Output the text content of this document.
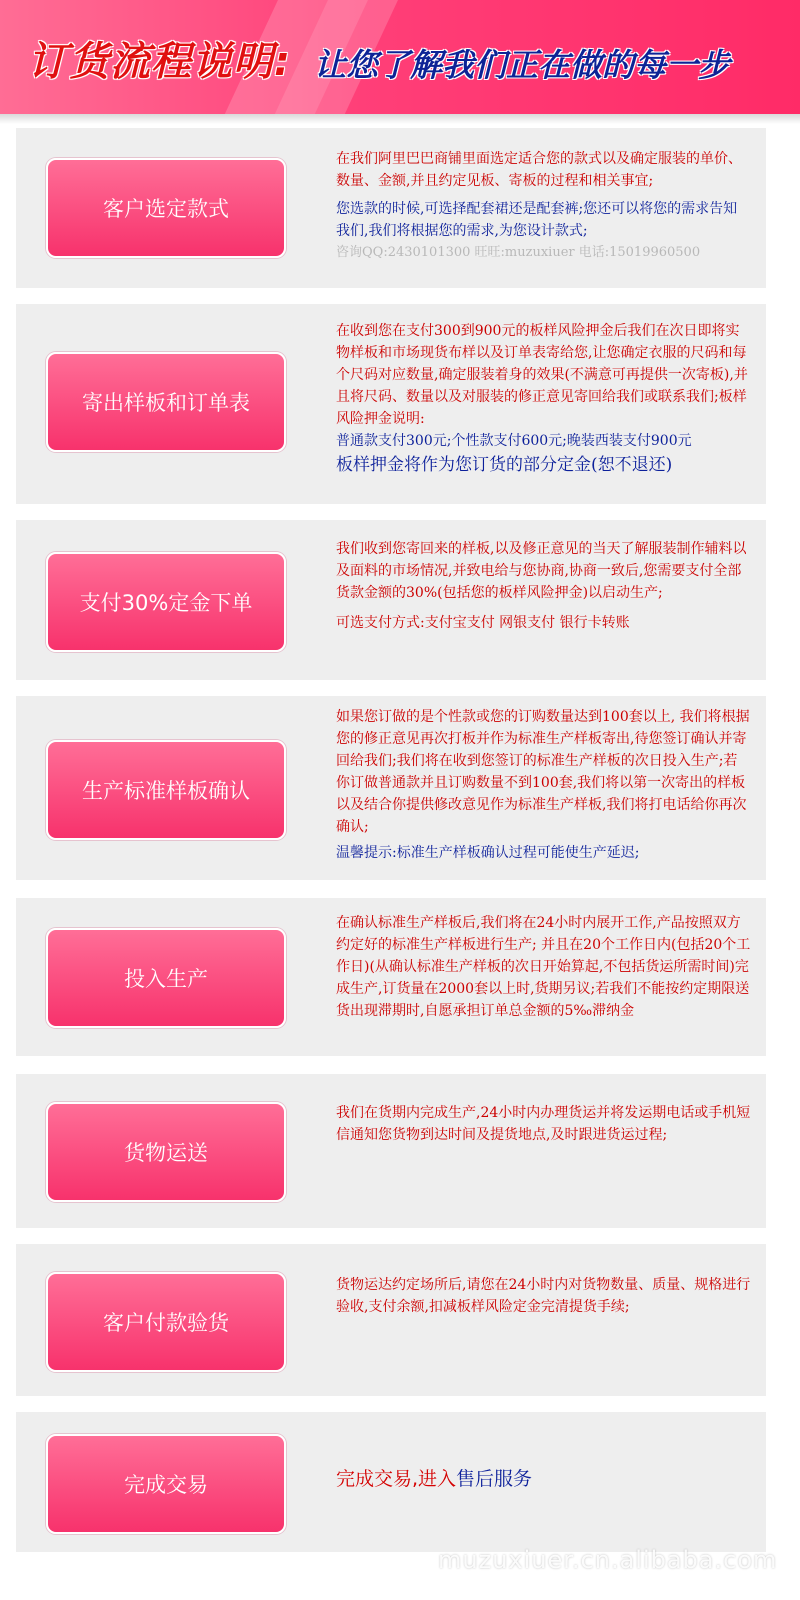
订货流程说明: 让您了解我们正在做的每一步
客户选定款式

在我们阿里巴巴商铺里面选定适合您的款式以及确定服装的单价、数量、金额,并且约定见板、寄板的过程和相关事宜;

您选款的时候,可选择配套裙还是配套裤;您还可以将您的需求告知我们,我们将根据您的需求,为您设计款式;

咨询QQ:2430101300 旺旺:muzuxiuer 电话:15019960500

寄出样板和订单表

在收到您在支付300到900元的板样风险押金后我们在次日即将实物样板和市场现货布样以及订单表寄给您,让您确定衣服的尺码和每个尺码对应数量,确定服装着身的效果(不满意可再提供一次寄板),并且将尺码、数量以及对服装的修正意见寄回给我们或联系我们;板样风险押金说明:

普通款支付300元;个性款支付600元;晚装西装支付900元

板样押金将作为您订货的部分定金(恕不退还)

支付30%定金下单

我们收到您寄回来的样板,以及修正意见的当天了解服装制作辅料以及面料的市场情况,并致电给与您协商,协商一致后,您需要支付全部货款金额的30%(包括您的板样风险押金)以启动生产;

可选支付方式:支付宝支付 网银支付 银行卡转账

生产标准样板确认

如果您订做的是个性款或您的订购数量达到100套以上, 我们将根据您的修正意见再次打板并作为标准生产样板寄出,待您签订确认并寄回给我们;我们将在收到您签订的标准生产样板的次日投入生产;若你订做普通款并且订购数量不到100套,我们将以第一次寄出的样板以及结合你提供修改意见作为标准生产样板,我们将打电话给你再次确认;

温馨提示:标准生产样板确认过程可能使生产延迟;

投入生产

在确认标准生产样板后,我们将在24小时内展开工作,产品按照双方约定好的标准生产样板进行生产; 并且在20个工作日内(包括20个工作日)(从确认标准生产样板的次日开始算起,不包括货运所需时间)完成生产,订货量在2000套以上时,货期另议;若我们不能按约定期限送货出现滞期时,自愿承担订单总金额的5‰滞纳金

货物运送

我们在货期内完成生产,24小时内办理货运并将发运期电话或手机短信通知您货物到达时间及提货地点,及时跟进货运过程;

客户付款验货

货物运达约定场所后,请您在24小时内对货物数量、质量、规格进行验收,支付余额,扣减板样风险定金完清提货手续;

完成交易	完成交易,进入售后服务

muzuxiuer.cn.alibaba.com
